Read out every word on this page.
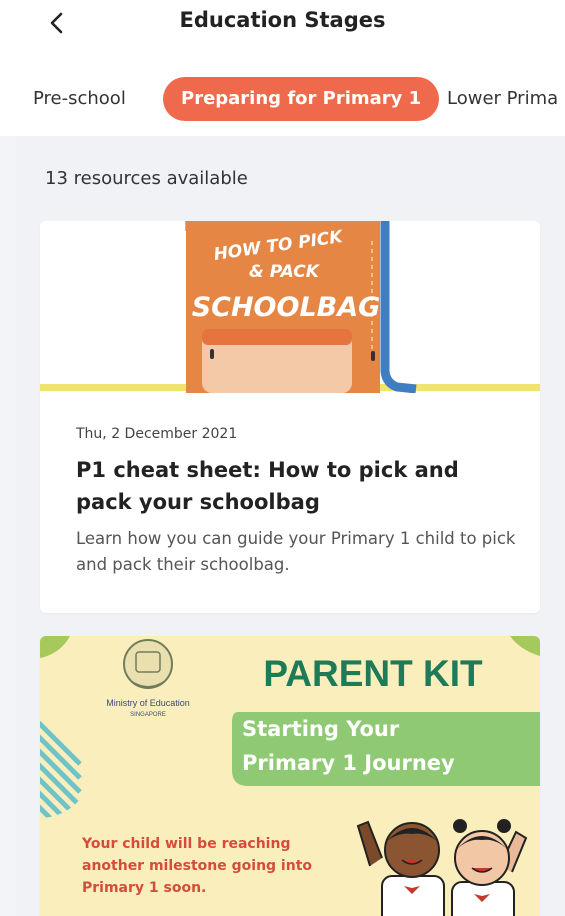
Education Stages
Pre-school	Preparing for Primary 1	Lower Prima
13 resources available
HOW TO PICK
& PACK
SCHOOLBAG
Thu, 2 December 2021
P1 cheat sheet: How to pick and pack your schoolbag
Learn how you can guide your Primary 1 child to pick and pack their schoolbag.
Ministry of Education
SINGAPORE
PARENT KIT
Starting Your
Primary 1 Journey
Your child will be reaching
another milestone going into
Primary 1 soon.
